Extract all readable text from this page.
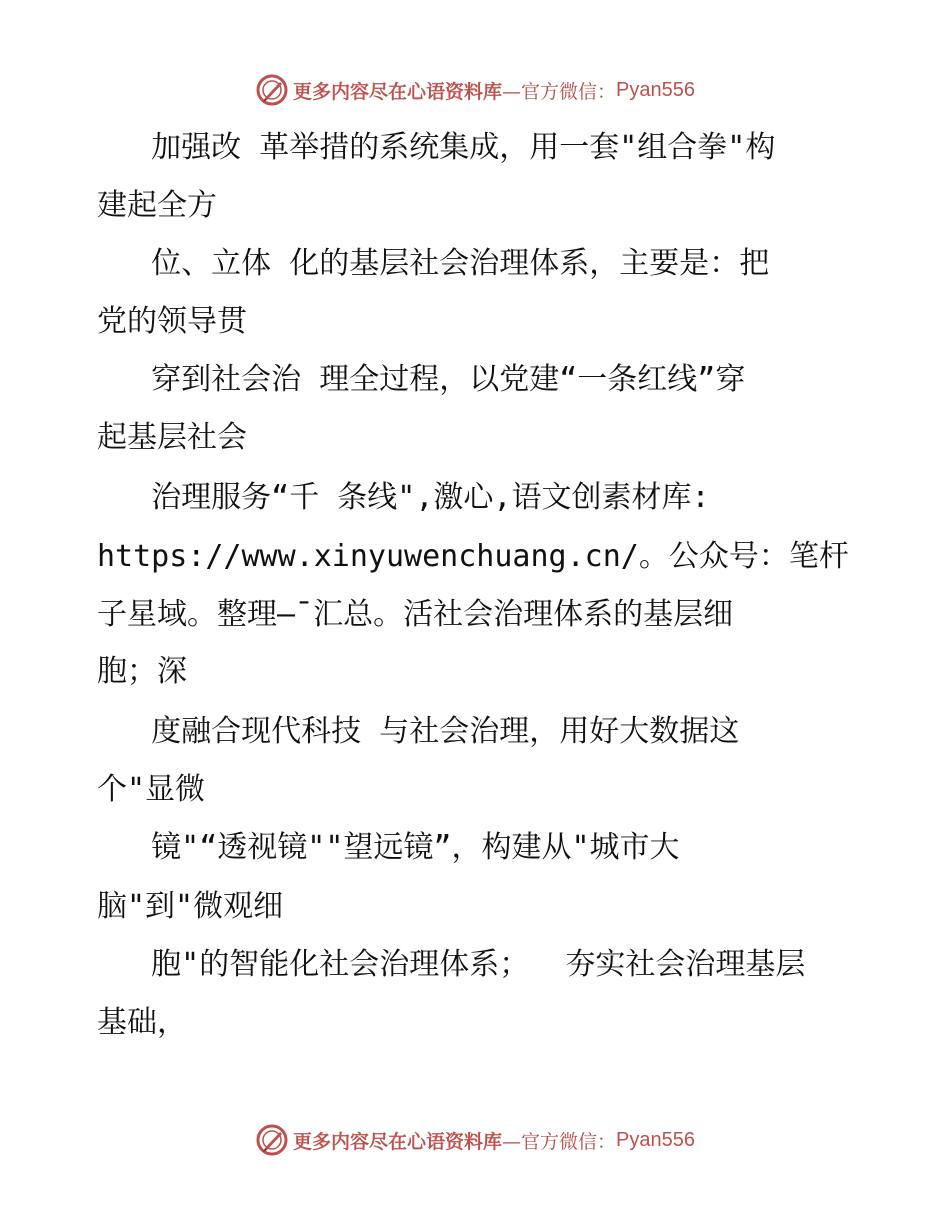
更多内容尽在心语资料库 —官方微信： Pyan556
加强改 革举措的系统集成，用一套"组合拳"构
建起全方
位、立体 化的基层社会治理体系，主要是：把
党的领导贯
穿到社会治 理全过程，以党建“一条红线”穿
起基层社会
治理服务“千 条线",激心,语文创素材库:
https://www.xinyuwenchuang.cn/。公众号：笔杆
子星域。整理—¯汇总。活社会治理体系的基层细
胞；深
度融合现代科技 与社会治理，用好大数据这
个"显微
镜"“透视镜""望远镜”，构建从"城市大
脑"到"微观细
胞"的智能化社会治理体系；  夯实社会治理基层
基础，
更多内容尽在心语资料库 —官方微信： Pyan556
